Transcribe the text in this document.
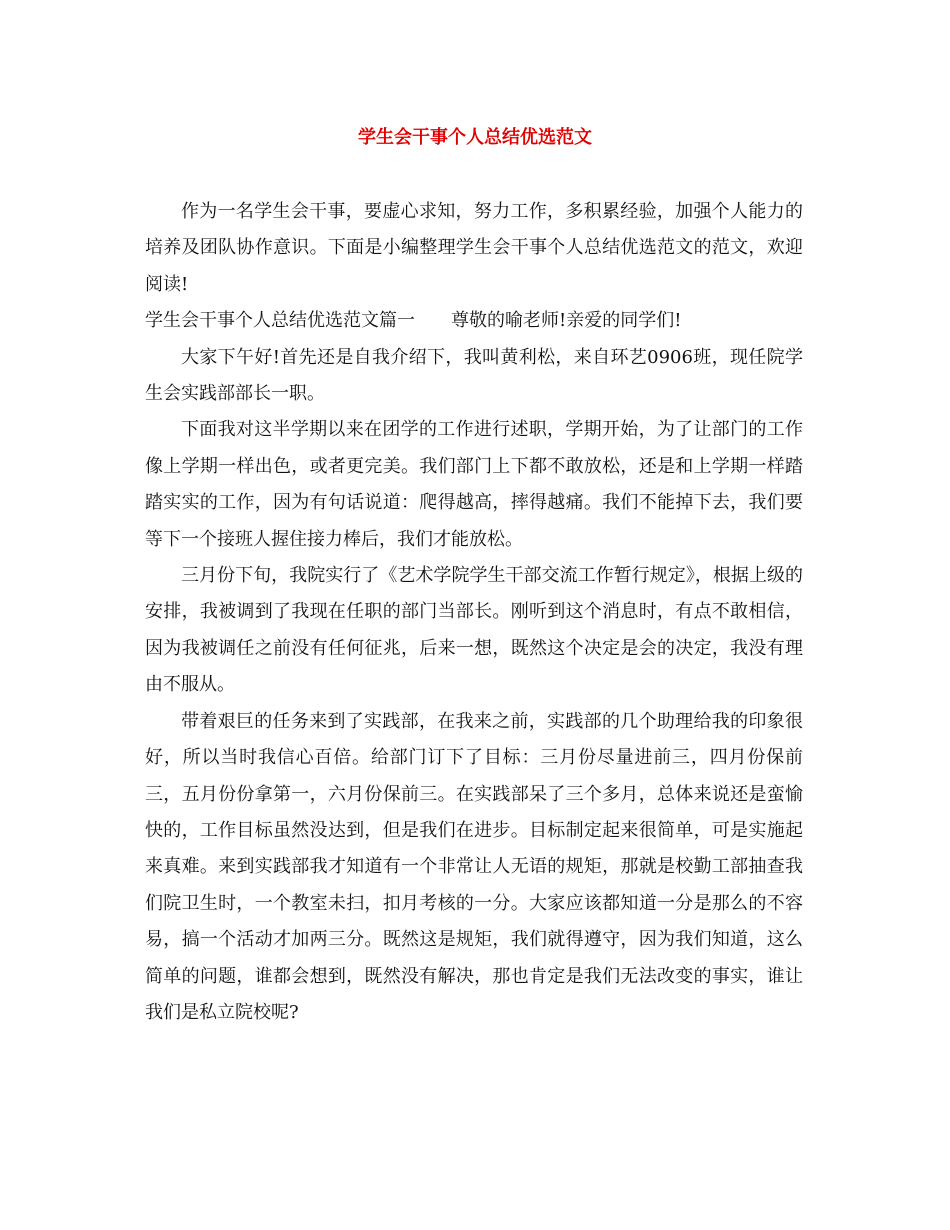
学生会干事个人总结优选范文

作为一名学生会干事，要虚心求知，努力工作，多积累经验，加强个人能力的培养及团队协作意识。下面是小编整理学生会干事个人总结优选范文的范文，欢迎阅读!

学生会干事个人总结优选范文篇一 尊敬的喻老师!亲爱的同学们!

大家下午好!首先还是自我介绍下，我叫黄利松，来自环艺0906班，现任院学生会实践部部长一职。

下面我对这半学期以来在团学的工作进行述职，学期开始，为了让部门的工作像上学期一样出色，或者更完美。我们部门上下都不敢放松，还是和上学期一样踏踏实实的工作，因为有句话说道：爬得越高，摔得越痛。我们不能掉下去，我们要等下一个接班人握住接力棒后，我们才能放松。

三月份下旬，我院实行了《艺术学院学生干部交流工作暂行规定》，根据上级的安排，我被调到了我现在任职的部门当部长。刚听到这个消息时，有点不敢相信，因为我被调任之前没有任何征兆，后来一想，既然这个决定是会的决定，我没有理由不服从。

带着艰巨的任务来到了实践部，在我来之前，实践部的几个助理给我的印象很好，所以当时我信心百倍。给部门订下了目标：三月份尽量进前三，四月份保前三，五月份份拿第一，六月份保前三。在实践部呆了三个多月，总体来说还是蛮愉快的，工作目标虽然没达到，但是我们在进步。目标制定起来很简单，可是实施起来真难。来到实践部我才知道有一个非常让人无语的规矩，那就是校勤工部抽查我们院卫生时，一个教室未扫，扣月考核的一分。大家应该都知道一分是那么的不容易，搞一个活动才加两三分。既然这是规矩，我们就得遵守，因为我们知道，这么简单的问题，谁都会想到，既然没有解决，那也肯定是我们无法改变的事实，谁让我们是私立院校呢?
